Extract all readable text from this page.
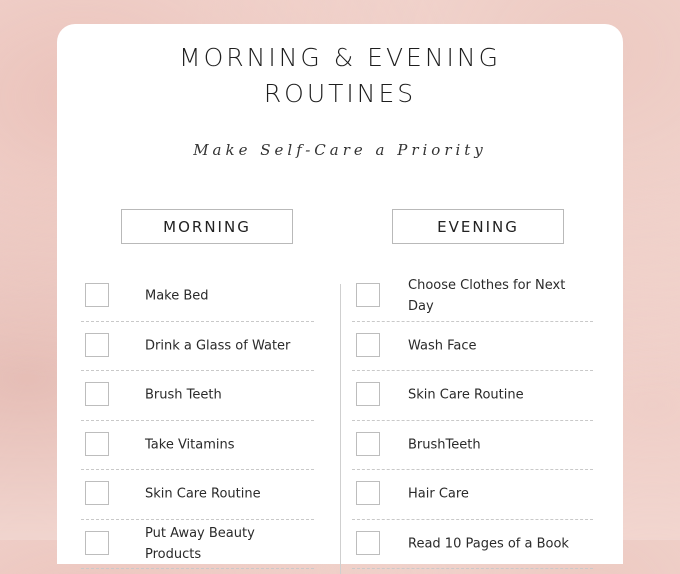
MORNING & EVENING
ROUTINES
Make Self-Care a Priority
MORNING	EVENING
Make Bed
Drink a Glass of Water
Brush Teeth
Take Vitamins
Skin Care Routine
Put Away Beauty Products
Choose Clothes for Next Day
Wash Face
Skin Care Routine
BrushTeeth
Hair Care
Read 10 Pages of a Book
